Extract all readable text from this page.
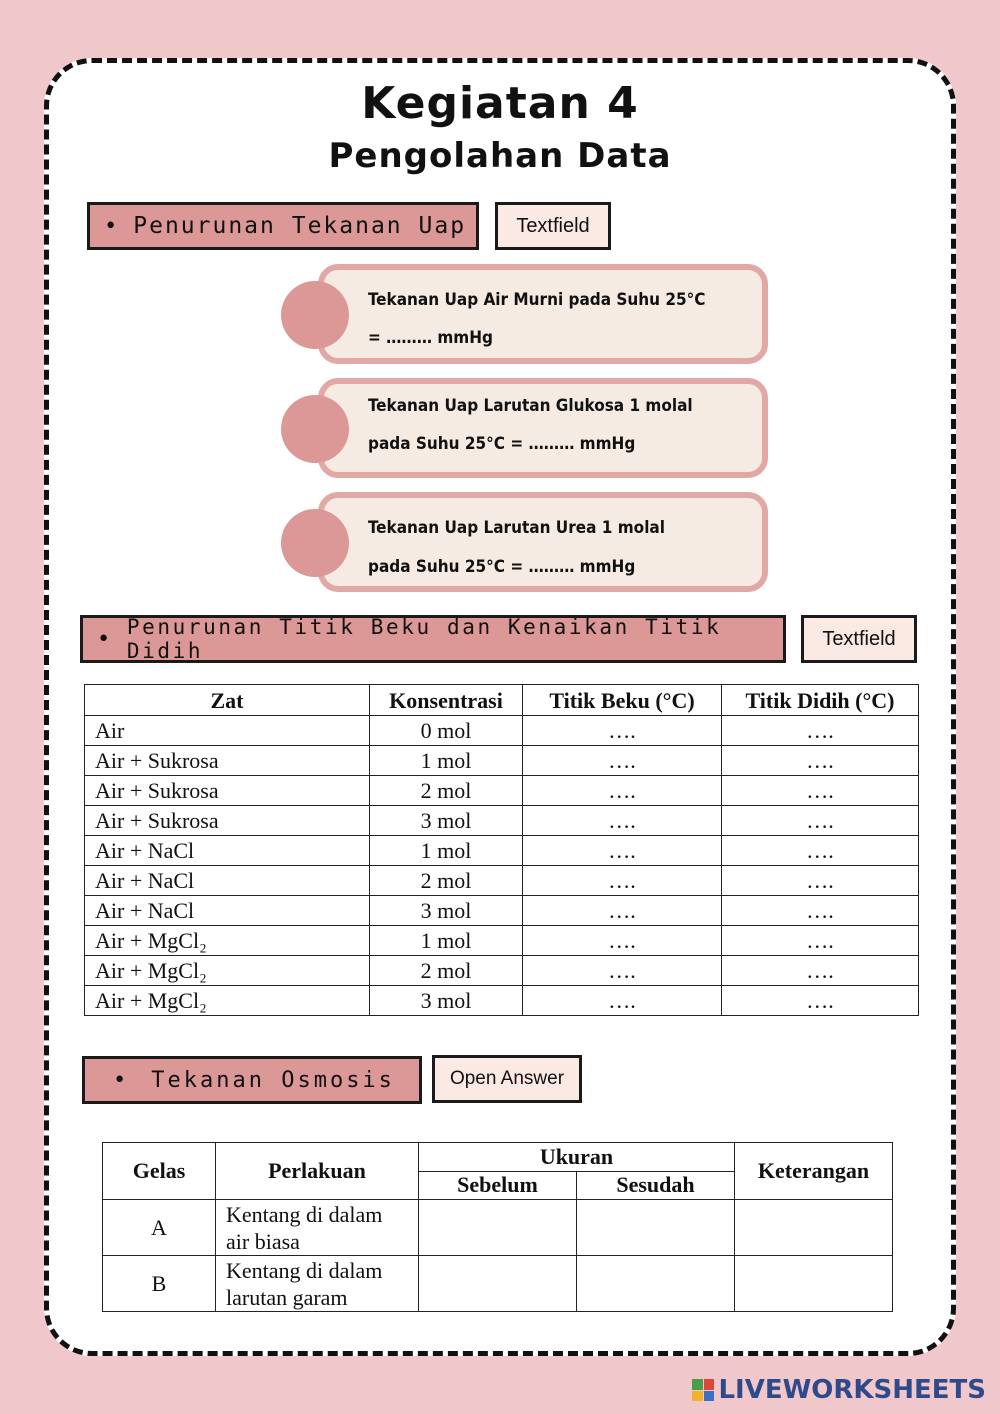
Kegiatan 4
Pengolahan Data
• Penurunan Tekanan Uap	Textfield
Tekanan Uap Air Murni pada Suhu 25°C
= ……… mmHg
Tekanan Uap Larutan Glukosa 1 molal
pada Suhu 25°C = ……… mmHg
Tekanan Uap Larutan Urea 1 molal
pada Suhu 25°C = ……… mmHg
• Penurunan Titik Beku dan Kenaikan Titik Didih
Textfield
Zat	Konsentrasi	Titik Beku (°C)	Titik Didih (°C)
Air	0 mol	….	….
Air + Sukrosa	1 mol	….	….
Air + Sukrosa	2 mol	….	….
Air + Sukrosa	3 mol	….	….
Air + NaCl	1 mol	….	….
Air + NaCl	2 mol	….	….
Air + NaCl	3 mol	….	….
Air + MgCl₂	1 mol	….	….
Air + MgCl₂	2 mol	….	….
Air + MgCl₂	3 mol	….	….
• Tekanan Osmosis	Open Answer
Gelas	Perlakuan	Ukuran		Keterangan
		Sebelum	Sesudah	
A	Kentang di dalam
air biasa			
B	Kentang di dalam
larutan garam			
LIVEWORKSHEETS
